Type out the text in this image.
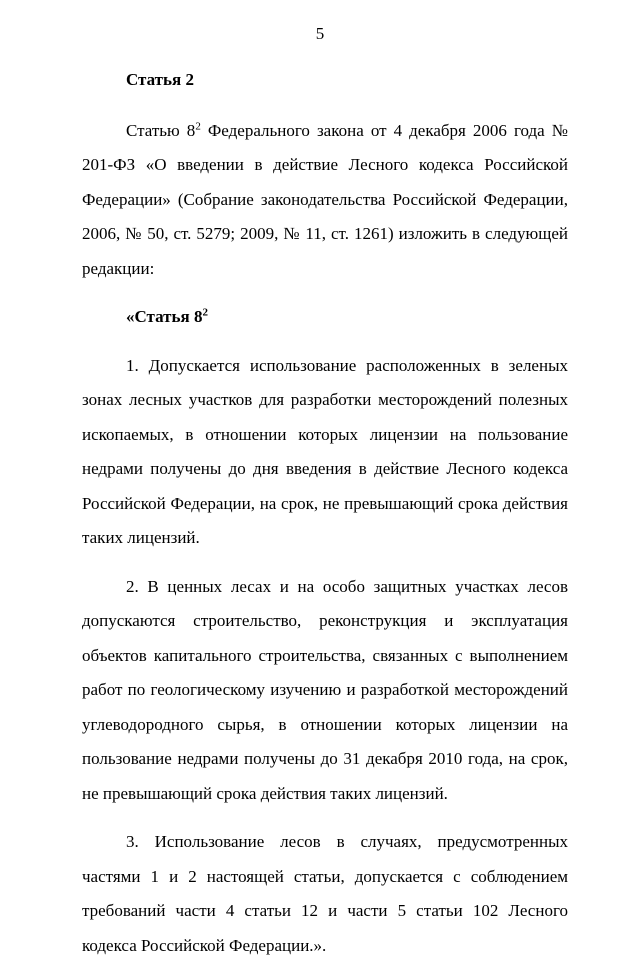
5

Статья 2

Статью $8^2$ Федерального закона от 4 декабря 2006 года № 201-ФЗ «О введении в действие Лесного кодекса Российской Федерации» (Собрание законодательства Российской Федерации, 2006, № 50, ст. 5279; 2009, № 11, ст. 1261) изложить в следующей редакции:

«Статья $8^2$

1. Допускается использование расположенных в зеленых зонах лесных участков для разработки месторождений полезных ископаемых, в отношении которых лицензии на пользование недрами получены до дня введения в действие Лесного кодекса Российской Федерации, на срок, не превышающий срока действия таких лицензий.

2. В ценных лесах и на особо защитных участках лесов допускаются строительство, реконструкция и эксплуатация объектов капитального строительства, связанных с выполнением работ по геологическому изучению и разработкой месторождений углеводородного сырья, в отношении которых лицензии на пользование недрами получены до 31 декабря 2010 года, на срок, не превышающий срока действия таких лицензий.

3. Использование лесов в случаях, предусмотренных частями 1 и 2 настоящей статьи, допускается с соблюдением требований части 4 статьи 12 и части 5 статьи 102 Лесного кодекса Российской Федерации.».
